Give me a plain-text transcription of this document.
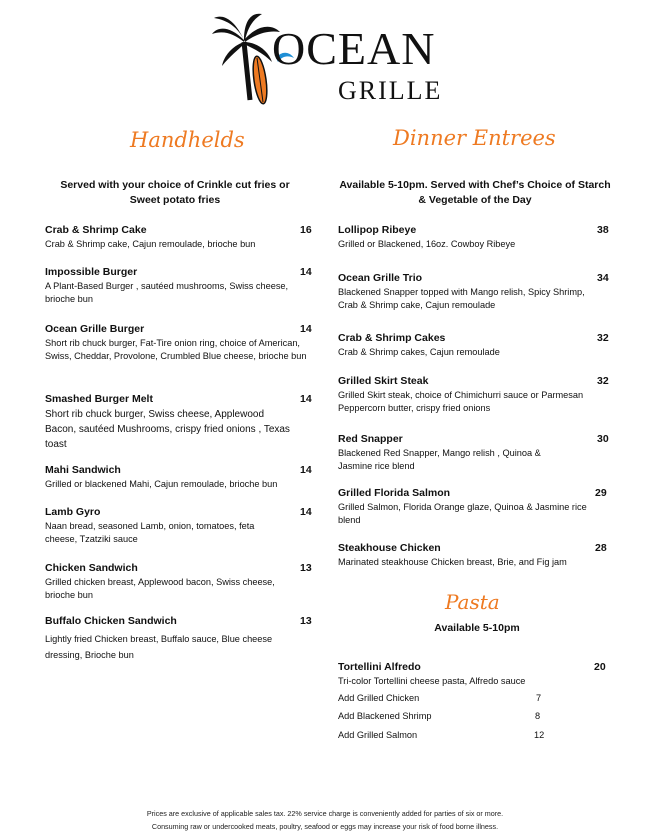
OCEAN
GRILLE
Handhelds	Dinner Entrees
Served with your choice of Crinkle cut fries or Sweet potato fries
Available 5-10pm. Served with Chef’s Choice of Starch & Vegetable of the Day
Crab & Shrimp Cake	16
Crab & Shrimp cake, Cajun remoulade, brioche bun
Impossible Burger	14
A Plant-Based Burger , sautéed mushrooms, Swiss cheese, brioche bun
Ocean Grille Burger	14
Short rib chuck burger, Fat-Tire onion ring, choice of American, Swiss, Cheddar, Provolone, Crumbled Blue cheese, brioche bun
Smashed Burger Melt	14
Short rib chuck burger, Swiss cheese, Applewood Bacon, sautéed Mushrooms, crispy fried onions , Texas toast
Mahi Sandwich	14
Grilled or blackened Mahi, Cajun remoulade, brioche bun
Lamb Gyro	14
Naan bread, seasoned Lamb, onion, tomatoes, feta cheese, Tzatziki sauce
Chicken Sandwich	13
Grilled chicken breast, Applewood bacon, Swiss cheese, brioche bun
Buffalo Chicken Sandwich	13
Lightly fried Chicken breast, Buffalo sauce, Blue cheese dressing, Brioche bun
Lollipop Ribeye	38
Grilled or Blackened, 16oz. Cowboy Ribeye
Ocean Grille Trio	34
Blackened Snapper topped with Mango relish, Spicy Shrimp, Crab & Shrimp cake, Cajun remoulade
Crab & Shrimp Cakes	32
Crab & Shrimp cakes, Cajun remoulade
Grilled Skirt Steak	32
Grilled Skirt steak, choice of Chimichurri sauce or Parmesan Peppercorn butter, crispy fried onions
Red Snapper	30
Blackened Red Snapper, Mango relish , Quinoa & Jasmine rice blend
Grilled Florida Salmon	29
Grilled Salmon, Florida Orange glaze, Quinoa & Jasmine rice blend
Steakhouse Chicken	28
Marinated steakhouse Chicken breast, Brie, and Fig jam
Pasta
Available 5-10pm
Tortellini Alfredo	20
Tri-color Tortellini cheese pasta, Alfredo sauce
Add Grilled Chicken	7
Add Blackened Shrimp	8
Add Grilled Salmon	12
Prices are exclusive of applicable sales tax. 22% service charge is conveniently added for parties of six or more.
Consuming raw or undercooked meats, poultry, seafood or eggs may increase your risk of food borne illness.
